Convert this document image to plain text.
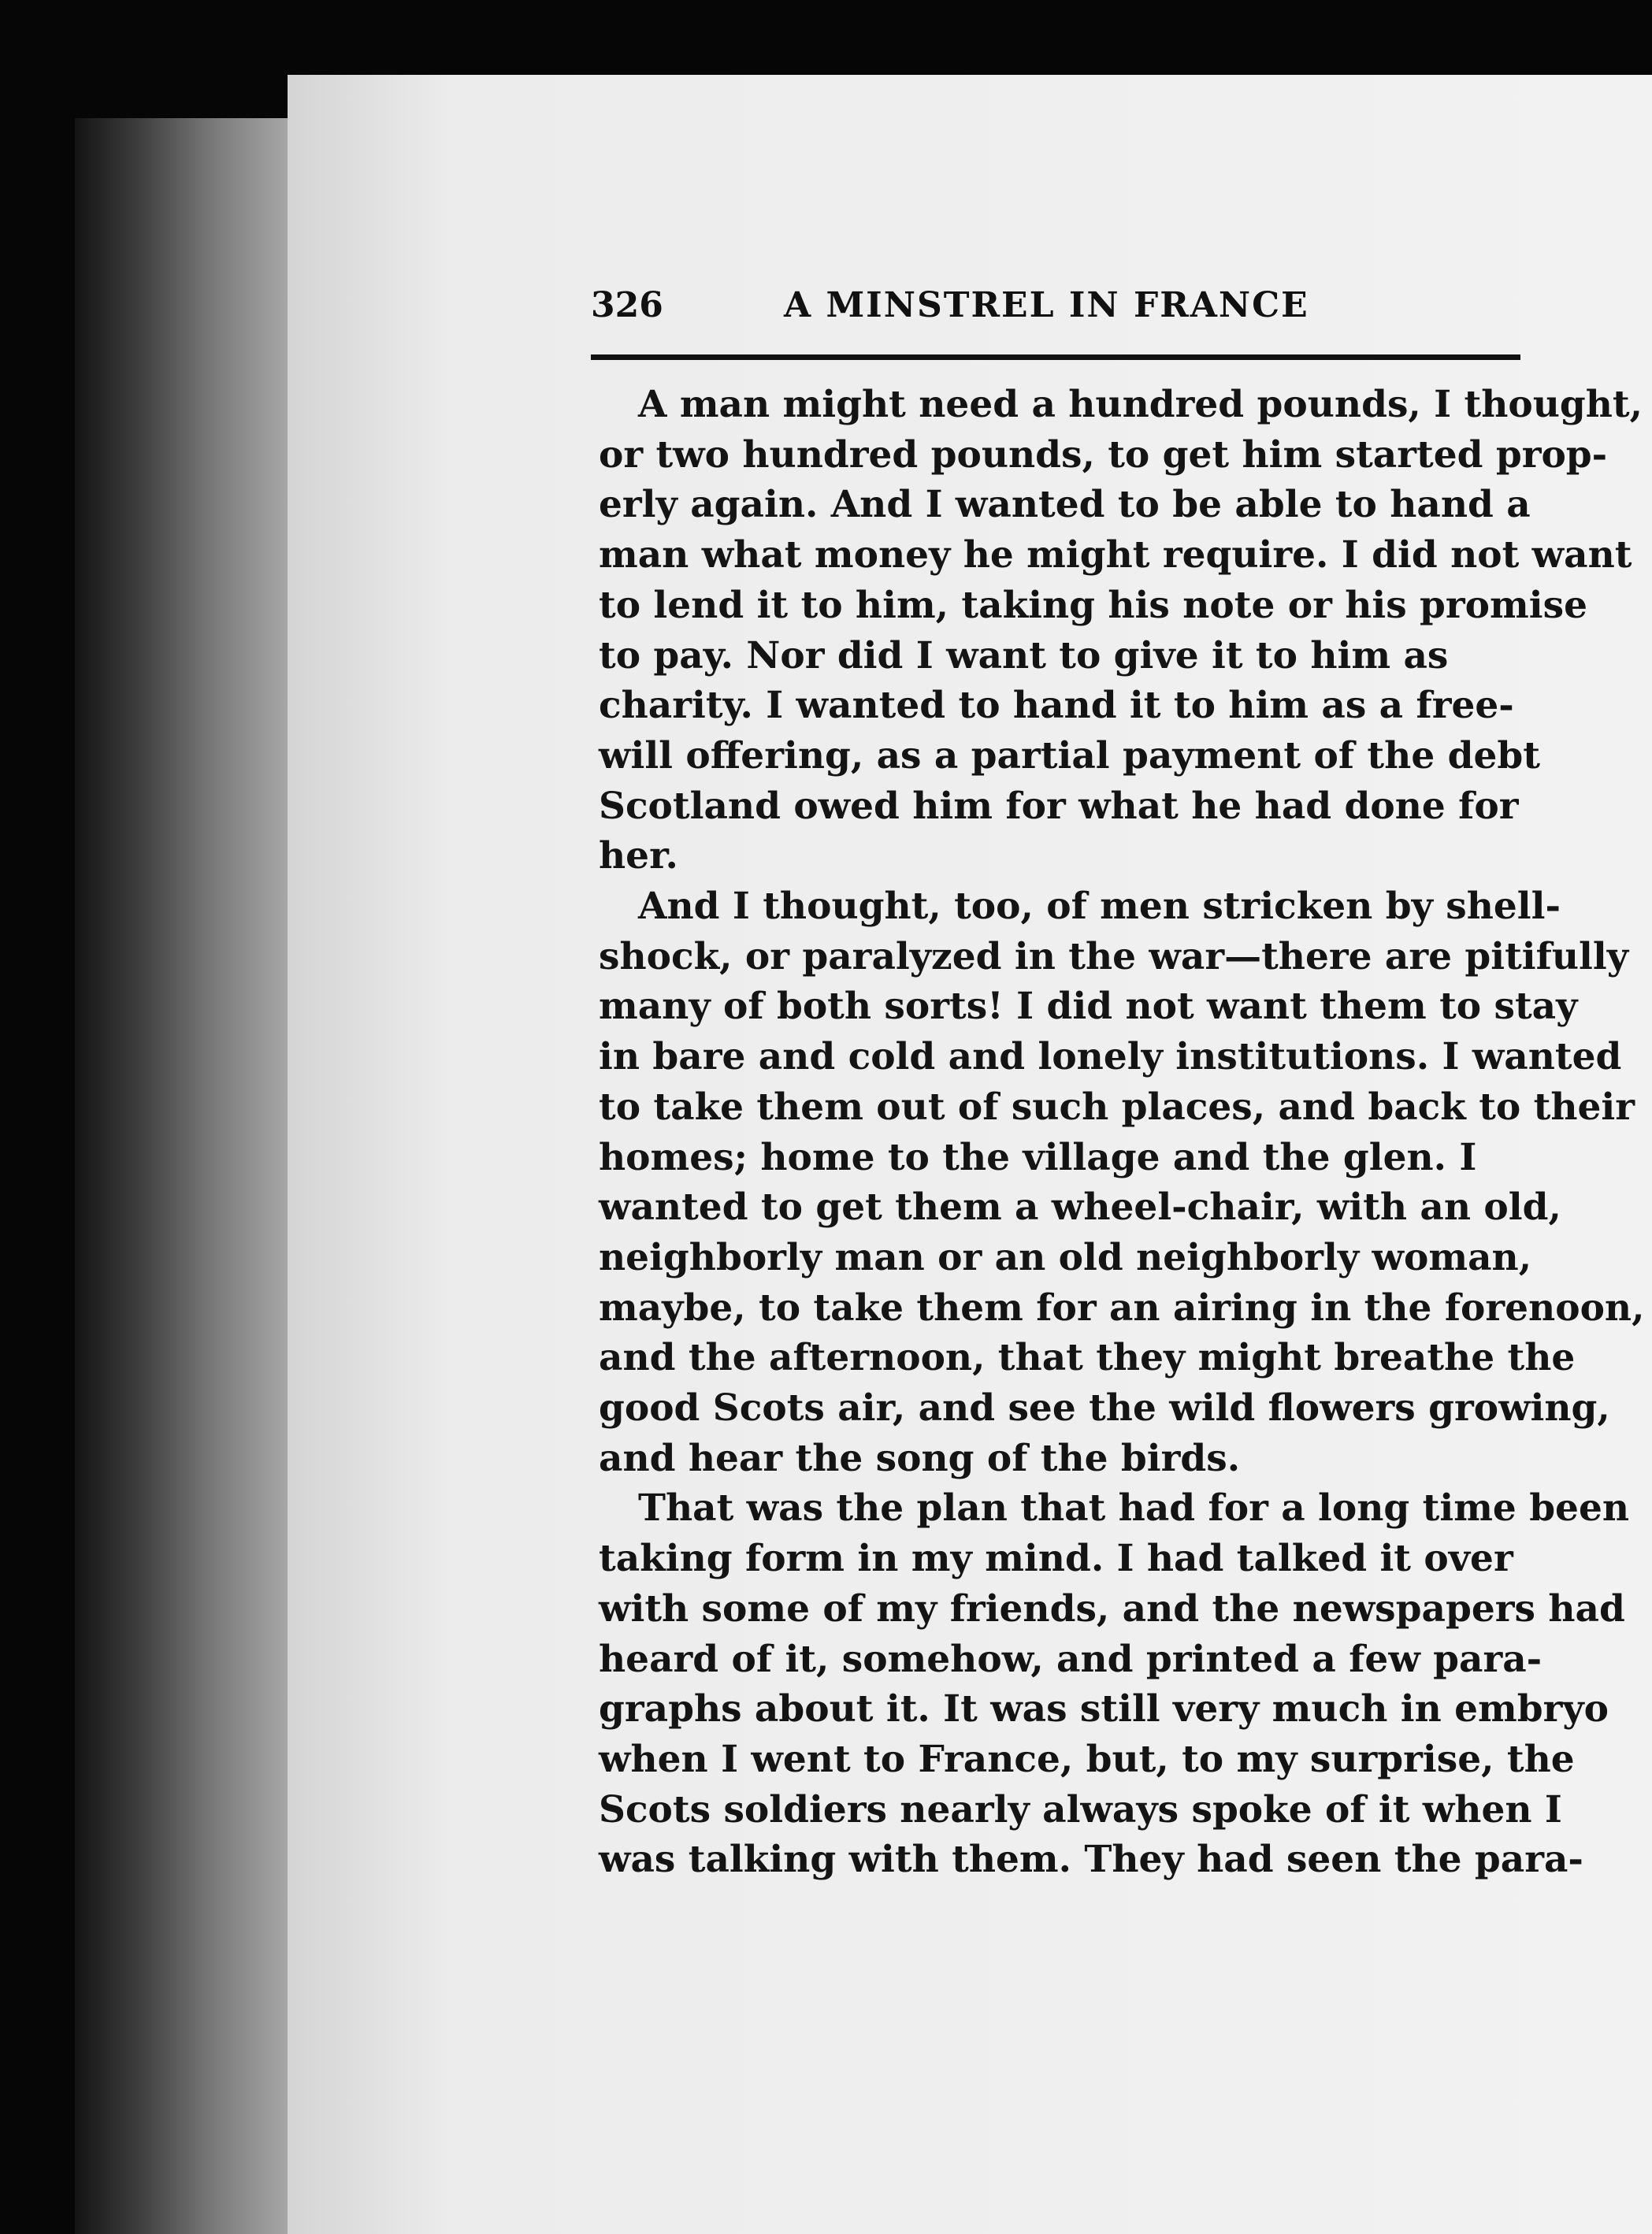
326	A MINSTREL IN FRANCE

A man might need a hundred pounds, I thought,
or two hundred pounds, to get him started prop-
erly again. And I wanted to be able to hand a
man what money he might require. I did not want
to lend it to him, taking his note or his promise
to pay. Nor did I want to give it to him as
charity. I wanted to hand it to him as a free-
will offering, as a partial payment of the debt
Scotland owed him for what he had done for
her.

And I thought, too, of men stricken by shell-
shock, or paralyzed in the war—there are pitifully
many of both sorts! I did not want them to stay
in bare and cold and lonely institutions. I wanted
to take them out of such places, and back to their
homes; home to the village and the glen. I
wanted to get them a wheel-chair, with an old,
neighborly man or an old neighborly woman,
maybe, to take them for an airing in the forenoon,
and the afternoon, that they might breathe the
good Scots air, and see the wild flowers growing,
and hear the song of the birds.

That was the plan that had for a long time been
taking form in my mind. I had talked it over
with some of my friends, and the newspapers had
heard of it, somehow, and printed a few para-
graphs about it. It was still very much in embryo
when I went to France, but, to my surprise, the
Scots soldiers nearly always spoke of it when I
was talking with them. They had seen the para-
